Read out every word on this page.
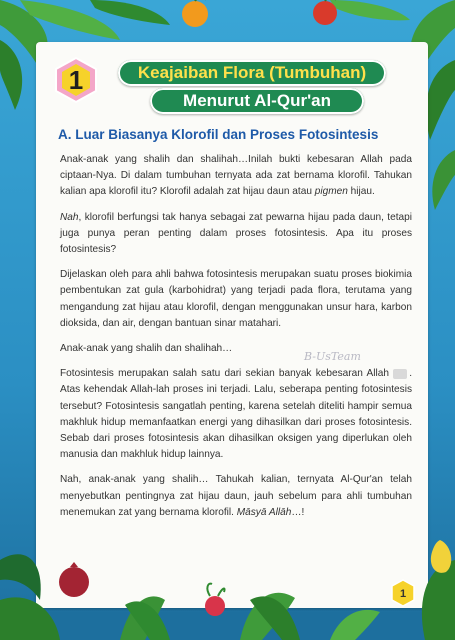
1	Keajaiban Flora (Tumbuhan)
Menurut Al-Qur'an
A. Luar Biasanya Klorofil dan Proses Fotosintesis

Anak-anak yang shalih dan shalihah…Inilah bukti kebesaran Allah pada ciptaan-Nya. Di dalam tumbuhan ternyata ada zat bernama klorofil. Tahukan kalian apa klorofil itu? Klorofil adalah zat hijau daun atau pigmen hijau.

Nah, klorofil berfungsi tak hanya sebagai zat pewarna hijau pada daun, tetapi juga punya peran penting dalam proses fotosintesis. Apa itu proses fotosintesis?

Dijelaskan oleh para ahli bahwa fotosintesis merupakan suatu proses biokimia pembentukan zat gula (karbohidrat) yang terjadi pada flora, terutama yang mengandung zat hijau atau klorofil, dengan menggunakan unsur hara, karbon dioksida, dan air, dengan bantuan sinar matahari.

Anak-anak yang shalih dan shalihah…

Fotosintesis merupakan salah satu dari sekian banyak kebesaran Allah . Atas kehendak Allah-lah proses ini terjadi. Lalu, seberapa penting fotosintesis tersebut? Fotosintesis sangatlah penting, karena setelah diteliti hampir semua makhluk hidup memanfaatkan energi yang dihasilkan dari proses fotosintesis. Sebab dari proses fotosintesis akan dihasilkan oksigen yang diperlukan oleh manusia dan makhluk hidup lainnya.

Nah, anak-anak yang shalih… Tahukah kalian, ternyata Al-Qur'an telah menyebutkan pentingnya zat hijau daun, jauh sebelum para ahli tumbuhan menemukan zat yang bernama klorofil. Māsyā Allāh…!

B-UsTeam
1
